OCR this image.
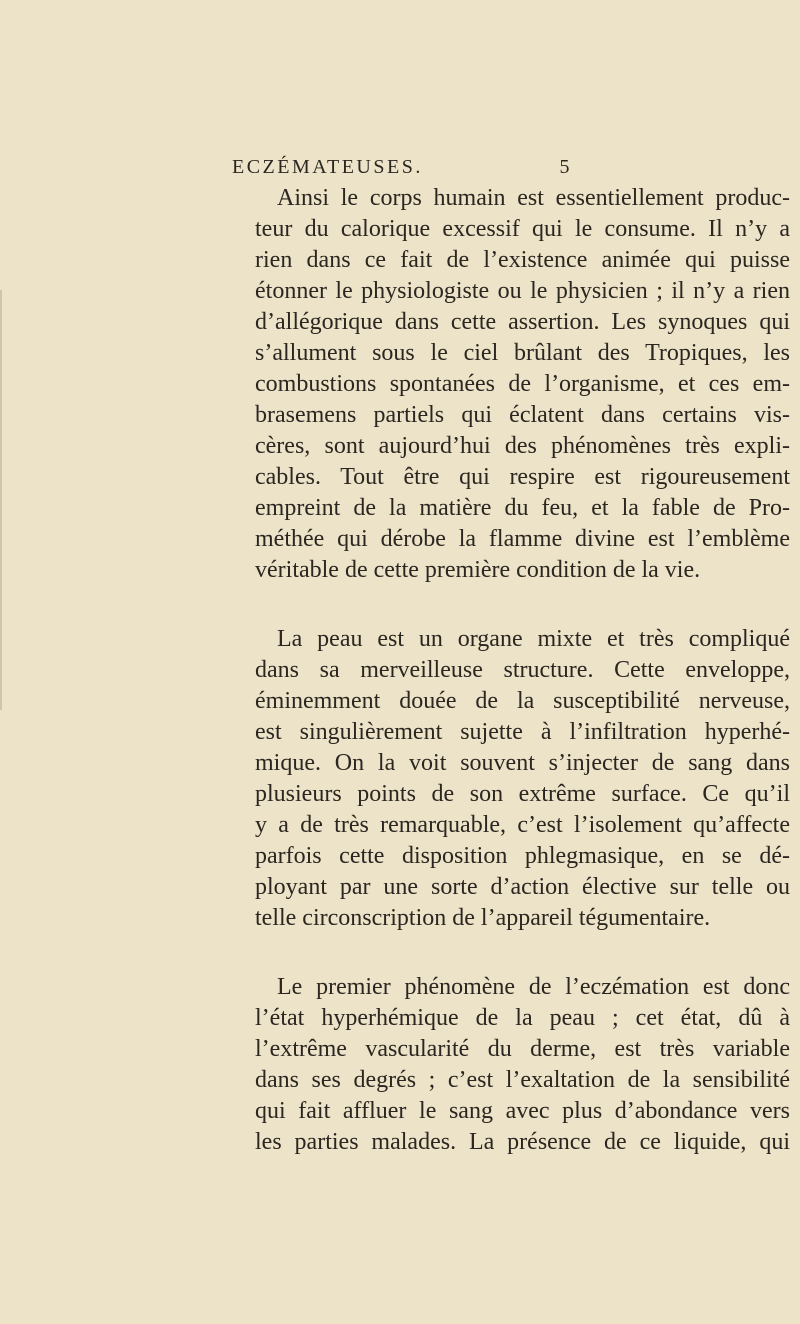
ECZÉMATEUSES.	5
Ainsi le corps humain est essentiellement produc-
teur du calorique excessif qui le consume. Il n’y a
rien dans ce fait de l’existence animée qui puisse
étonner le physiologiste ou le physicien ; il n’y a rien
d’allégorique dans cette assertion. Les synoques qui
s’allument sous le ciel brûlant des Tropiques, les
combustions spontanées de l’organisme, et ces em-
brasemens partiels qui éclatent dans certains vis-
cères, sont aujourd’hui des phénomènes très expli-
cables. Tout être qui respire est rigoureusement
empreint de la matière du feu, et la fable de Pro-
méthée qui dérobe la flamme divine est l’emblème
véritable de cette première condition de la vie.
La peau est un organe mixte et très compliqué
dans sa merveilleuse structure. Cette enveloppe,
éminemment douée de la susceptibilité nerveuse,
est singulièrement sujette à l’infiltration hyperhé-
mique. On la voit souvent s’injecter de sang dans
plusieurs points de son extrême surface. Ce qu’il
y a de très remarquable, c’est l’isolement qu’affecte
parfois cette disposition phlegmasique, en se dé-
ployant par une sorte d’action élective sur telle ou
telle circonscription de l’appareil tégumentaire.
Le premier phénomène de l’eczémation est donc
l’état hyperhémique de la peau ; cet état, dû à
l’extrême vascularité du derme, est très variable
dans ses degrés ; c’est l’exaltation de la sensibilité
qui fait affluer le sang avec plus d’abondance vers
les parties malades. La présence de ce liquide, qui
